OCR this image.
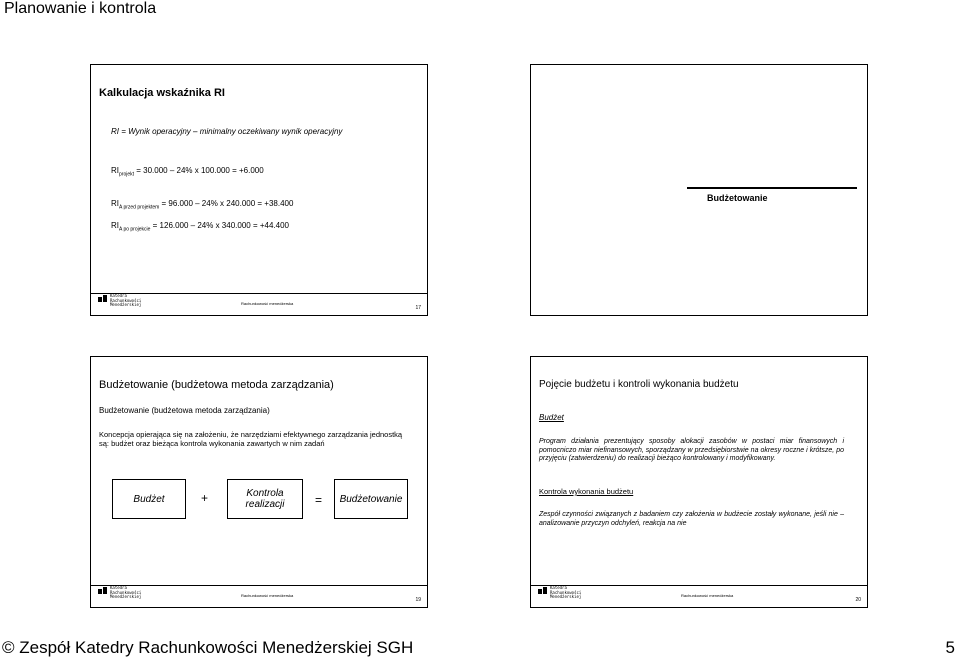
Planowanie i kontrola
Kalkulacja wskaźnika RI
RI = Wynik operacyjny – minimalny oczekiwany wynik operacyjny
$RI_{projekt} = 30.000 - 24\%$ x 100.000 = +6.000
$RI_{A przed projektem} = 96.000 - 24\%$ x 240.000 = +38.400
$RI_{A po projekcie} = 126.000 - 24\%$ x 340.000 = +44.400
Katedra
Rachunkowości
Menedżerskiej	Rachunkowość menedżerska
17
Budżetowanie
Budżetowanie (budżetowa metoda zarządzania)
Budżetowanie (budżetowa metoda zarządzania)
Koncepcja opierająca się na założeniu, że narzędziami efektywnego zarządzania jednostką są: budżet oraz bieżąca kontrola wykonania zawartych w nim zadań
Budżet	+	Kontrola realizacji	=	Budżetowanie
Katedra
Rachunkowości
Menedżerskiej	Rachunkowość menedżerska
19
Pojęcie budżetu i kontroli wykonania budżetu
Budżet
Program działania prezentujący sposoby alokacji zasobów w postaci miar finansowych i pomocniczo miar niefinansowych, sporządzany w przedsiębiorstwie na okresy roczne i krótsze, po przyjęciu (zatwierdzeniu) do realizacji bieżąco kontrolowany i modyfikowany.
Kontrola wykonania budżetu
Zespół czynności związanych z badaniem czy założenia w budżecie zostały wykonane, jeśli nie – analizowanie przyczyn odchyleń, reakcja na nie
Katedra
Rachunkowości
Menedżerskiej	Rachunkowość menedżerska
20
© Zespół Katedry Rachunkowości Menedżerskiej SGH	5
